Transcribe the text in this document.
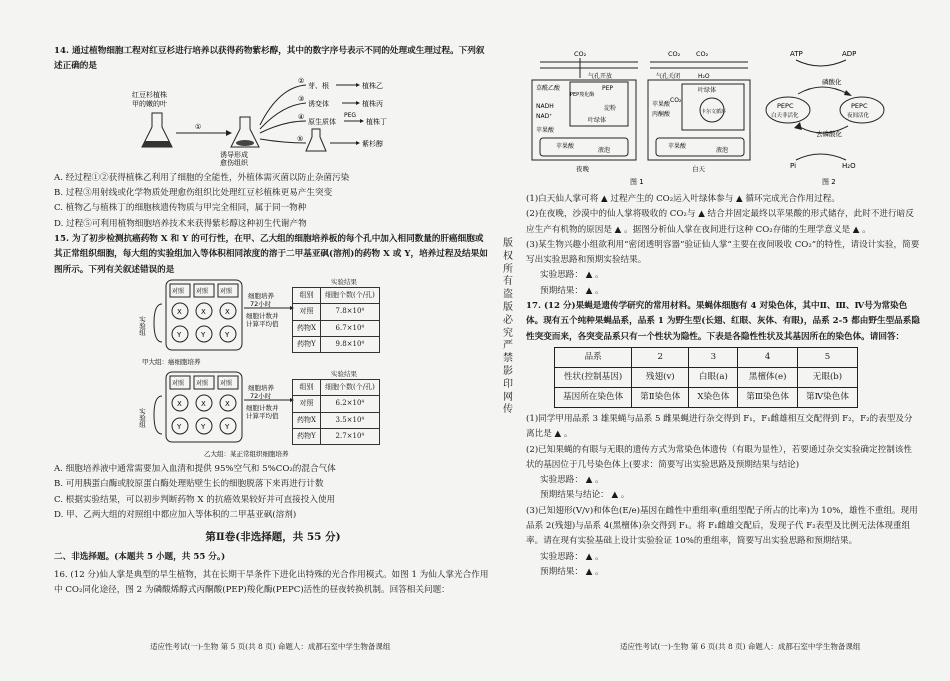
14. 通过植物细胞工程对红豆杉进行培养以获得药物紫杉醇，其中的数字序号表示不同的处理或生理过程。下列叙述正确的是

红豆杉植株
甲的嫩的叶
①
诱导形成
愈伤组织
②
芽、根	植株乙
③
诱变体	植株丙
④
原生质体
PEG
植株丁
⑤
紫杉醇

A. 经过程①②获得植株乙利用了细胞的全能性，外植体需灭菌以防止杂菌污染

B. 过程③用射线或化学物质处理愈伤组织比处理红豆杉植株更易产生突变

C. 植物乙与植株丁的细胞核遗传物质与甲完全相同，属于同一物种

D. 过程⑤可利用植物细胞培养技术来获得紫杉醇这种初生代谢产物

15. 为了初步检测抗癌药物 X 和 Y 的可行性，在甲、乙大组的细胞培养板的每个孔中加入相同数量的肝癌细胞或其正常组织细胞，每大组的实验组加入等体积相同浓度的溶于二甲基亚砜(溶剂)的药物 X 或 Y，培养过程及结果如图所示。下列有关叙述错误的是

对照 对照 对照
X	X	X
Y	Y	Y
实验组
细胞培养
72小时
细胞计数并
计算平均值
甲大组：癌细胞培养
实验结果
组别	细胞个数(个/孔)
对照	7.8×10⁴
药物X	6.7×10⁴
药物Y	9.8×10⁴
对照 对照 对照
X	X	X
Y	Y	Y
实验组
细胞培养
72小时
细胞计数并
计算平均值
乙大组：某正常组织细胞培养
实验结果
组别	细胞个数(个/孔)
对照	6.2×10⁴
药物X	3.5×10⁴
药物Y	2.7×10⁴

A. 细胞培养液中通常需要加入血清和提供 95%空气和 5%CO₂的混合气体

B. 可用胰蛋白酶或胶原蛋白酶处理贴壁生长的细胞脱落下来再进行计数

C. 根据实验结果，可以初步判断药物 X 的抗癌效果较好并可直接投入使用

D. 甲、乙两大组的对照组中都应加入等体积的二甲基亚砜(溶剂)

第Ⅱ卷(非选择题，共 55 分)

二、非选择题。(本题共 5 小题，共 55 分。)

16. (12 分)仙人掌是典型的旱生植物，其在长期干旱条件下进化出特殊的光合作用模式。如图 1 为仙人掌光合作用中 CO₂同化途径，图 2 为磷酸烯醇式丙酮酸(PEP)羧化酶(PEPC)活性的昼夜转换机制。回答相关问题：

CO₂
气孔开放
草酰乙酸
PEP羧化酶
PEP
淀粉
叶绿体
NADH
NAD⁺
苹果酸
苹果酸
液泡
夜晚
CO₂ CO₂
气孔关闭	H₂O
叶绿体
CO₂
卡尔文循环
苹果酸
丙酮酸
苹果酸
液泡
白天
图 1
ATP	ADP
磷酸化
PEPC
白天非活化
PEPC
夜间活化
去磷酸化
Pi	H₂O
图 2

(1)白天仙人掌可将 ▲ 过程产生的 CO₂运入叶绿体参与 ▲ 循环完成光合作用过程。

(2)在夜晚，沙漠中的仙人掌将吸收的 CO₂与 ▲ 结合并固定最终以苹果酸的形式储存，此时不进行暗反应生产有机物的原因是 ▲ 。据图分析仙人掌在夜间进行这种 CO₂存储的生理学意义是 ▲ 。

(3)某生物兴趣小组欲利用“密闭透明容器”验证仙人掌“主要在夜间吸收 CO₂”的特性，请设计实验，简要写出实验思路和预期实验结果。

实验思路： ▲ 。

预期结果： ▲ 。

17. (12 分)果蝇是遗传学研究的常用材料。果蝇体细胞有 4 对染色体，其中Ⅱ、Ⅲ、Ⅳ号为常染色体。现有五个纯种果蝇品系，品系 1 为野生型(长翅、红眼、灰体、有眼)，品系 2-5 都由野生型品系隐性突变而来，各突变品系只有一个性状为隐性。下表是各隐性性状及其基因所在的染色体。请回答：

品系	2	3	4	5
性状(控制基因)	残翅(v)	白眼(a)	黑檀体(e)	无眼(b)
基因所在染色体	第Ⅱ染色体	X染色体	第Ⅲ染色体	第Ⅳ染色体

(1)同学甲用品系 3 雄果蝇与品系 5 雌果蝇进行杂交得到 F₁，F₁雌雄相互交配得到 F₂，F₂的表型及分离比是 ▲ 。

(2)已知果蝇的有眼与无眼的遗传方式为常染色体遗传（有眼为显性），若要通过杂交实验确定控制该性状的基因位于几号染色体上(要求：简要写出实验思路及预期结果与结论)

实验思路： ▲ 。

预期结果与结论： ▲ 。

(3)已知翅形(V/v)和体色(E/e)基因在雌性中重组率(重组型配子所占的比率)为 10%，雄性不重组。现用品系 2(残翅)与品系 4(黑檀体)杂交得到 F₁。将 F₁雌雄交配后，发现子代 F₂表型及比例无法体现重组率。请在现有实验基础上设计实验验证 10%的重组率，简要写出实验思路和预期结果。

实验思路： ▲ 。

预期结果： ▲ 。

版权所有 盗版必究 严禁影印网传
适应性考试(一)·生物 第 5 页(共 8 页) 命题人：成都石室中学生物备课组	适应性考试(一)·生物 第 6 页(共 8 页) 命题人：成都石室中学生物备课组
